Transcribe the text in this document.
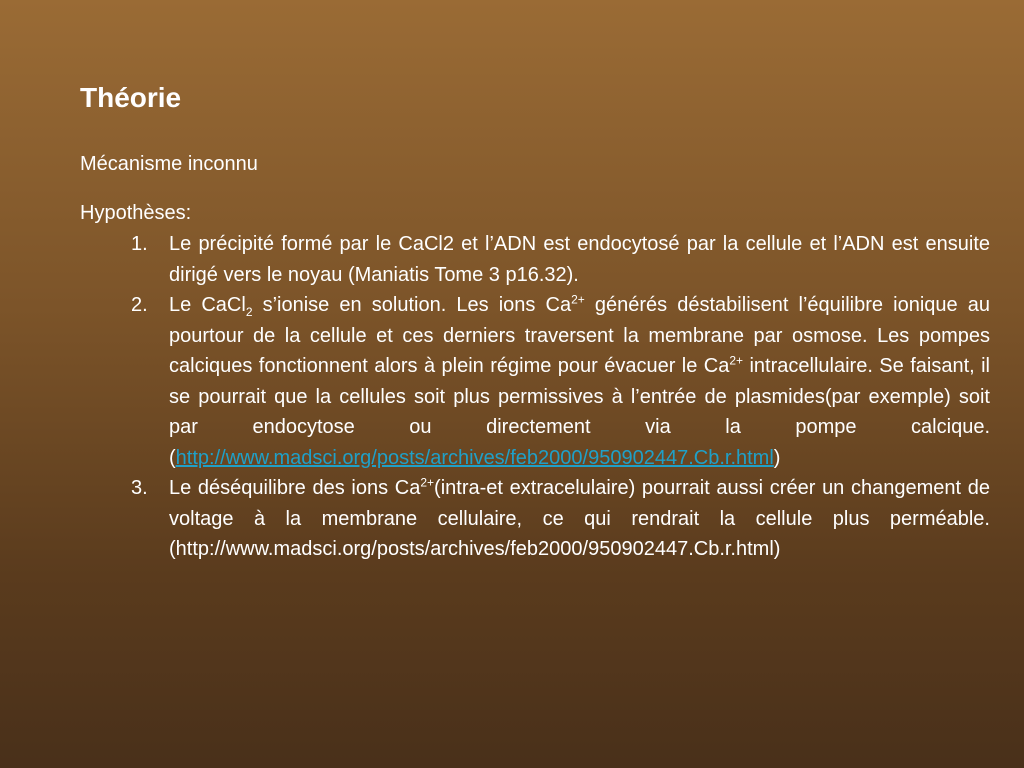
Théorie

Mécanisme inconnu

Hypothèses:

1. Le précipité formé par le CaCl2 et l’ADN est endocytosé par la cellule et l’ADN est ensuite dirigé vers le noyau (Maniatis Tome 3 p16.32).
2. Le CaCl$_2$ s’ionise en solution. Les ions $Ca^{2+}$ générés déstabilisent l’équilibre ionique au pourtour de la cellule et ces derniers traversent la membrane par osmose. Les pompes calciques fonctionnent alors à plein régime pour évacuer le $Ca^{2+}$ intracellulaire. Se faisant, il se pourrait que la cellules soit plus permissives à l’entrée de plasmides(par exemple) soit par endocytose ou directement via la pompe calcique. (http://www.madsci.org/posts/archives/feb2000/950902447.Cb.r.html)
3. Le déséquilibre des ions $Ca^{2+}(intra-et$ extracelulaire) pourrait aussi créer un changement de voltage à la membrane cellulaire, ce qui rendrait la cellule plus perméable. (http://www.madsci.org/posts/archives/feb2000/950902447.Cb.r.html)
